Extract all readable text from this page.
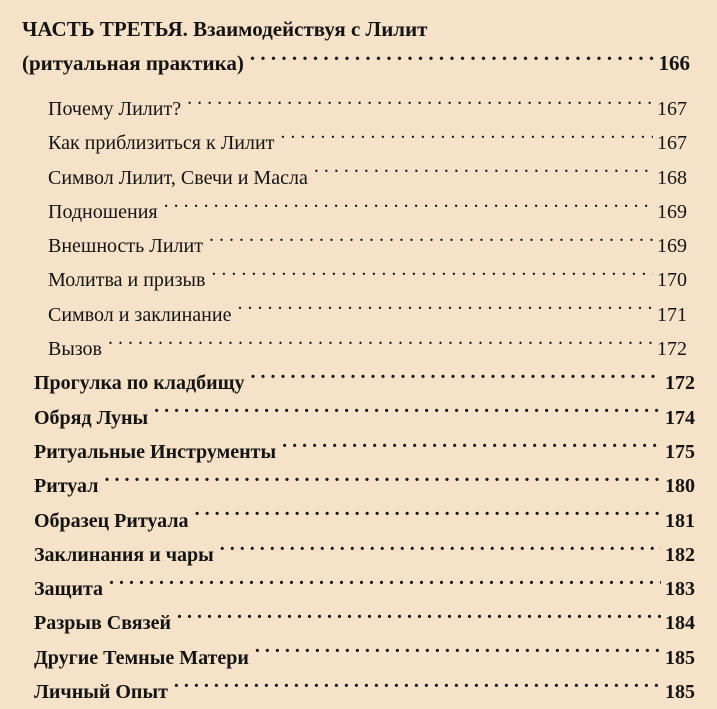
ЧАСТЬ ТРЕТЬЯ. Взаимодействуя с Лилит
(ритуальная практика) . . .	166
Почему Лилит? . . .	167
Как приблизиться к Лилит . . .	167
Символ Лилит, Свечи и Масла . . .	168
Подношения . . .	169
Внешность Лилит . . .	169
Молитва и призыв . . .	170
Символ и заклинание . . .	171
Вызов . . .	172
Прогулка по кладбищу . . .	172
Обряд Луны . . .	174
Ритуальные Инструменты . . .	175
Ритуал . . .	180
Образец Ритуала . . .	181
Заклинания и чары . . .	182
Защита . . .	183
Разрыв Связей . . .	184
Другие Темные Матери . . .	185
Личный Опыт . . .	185
